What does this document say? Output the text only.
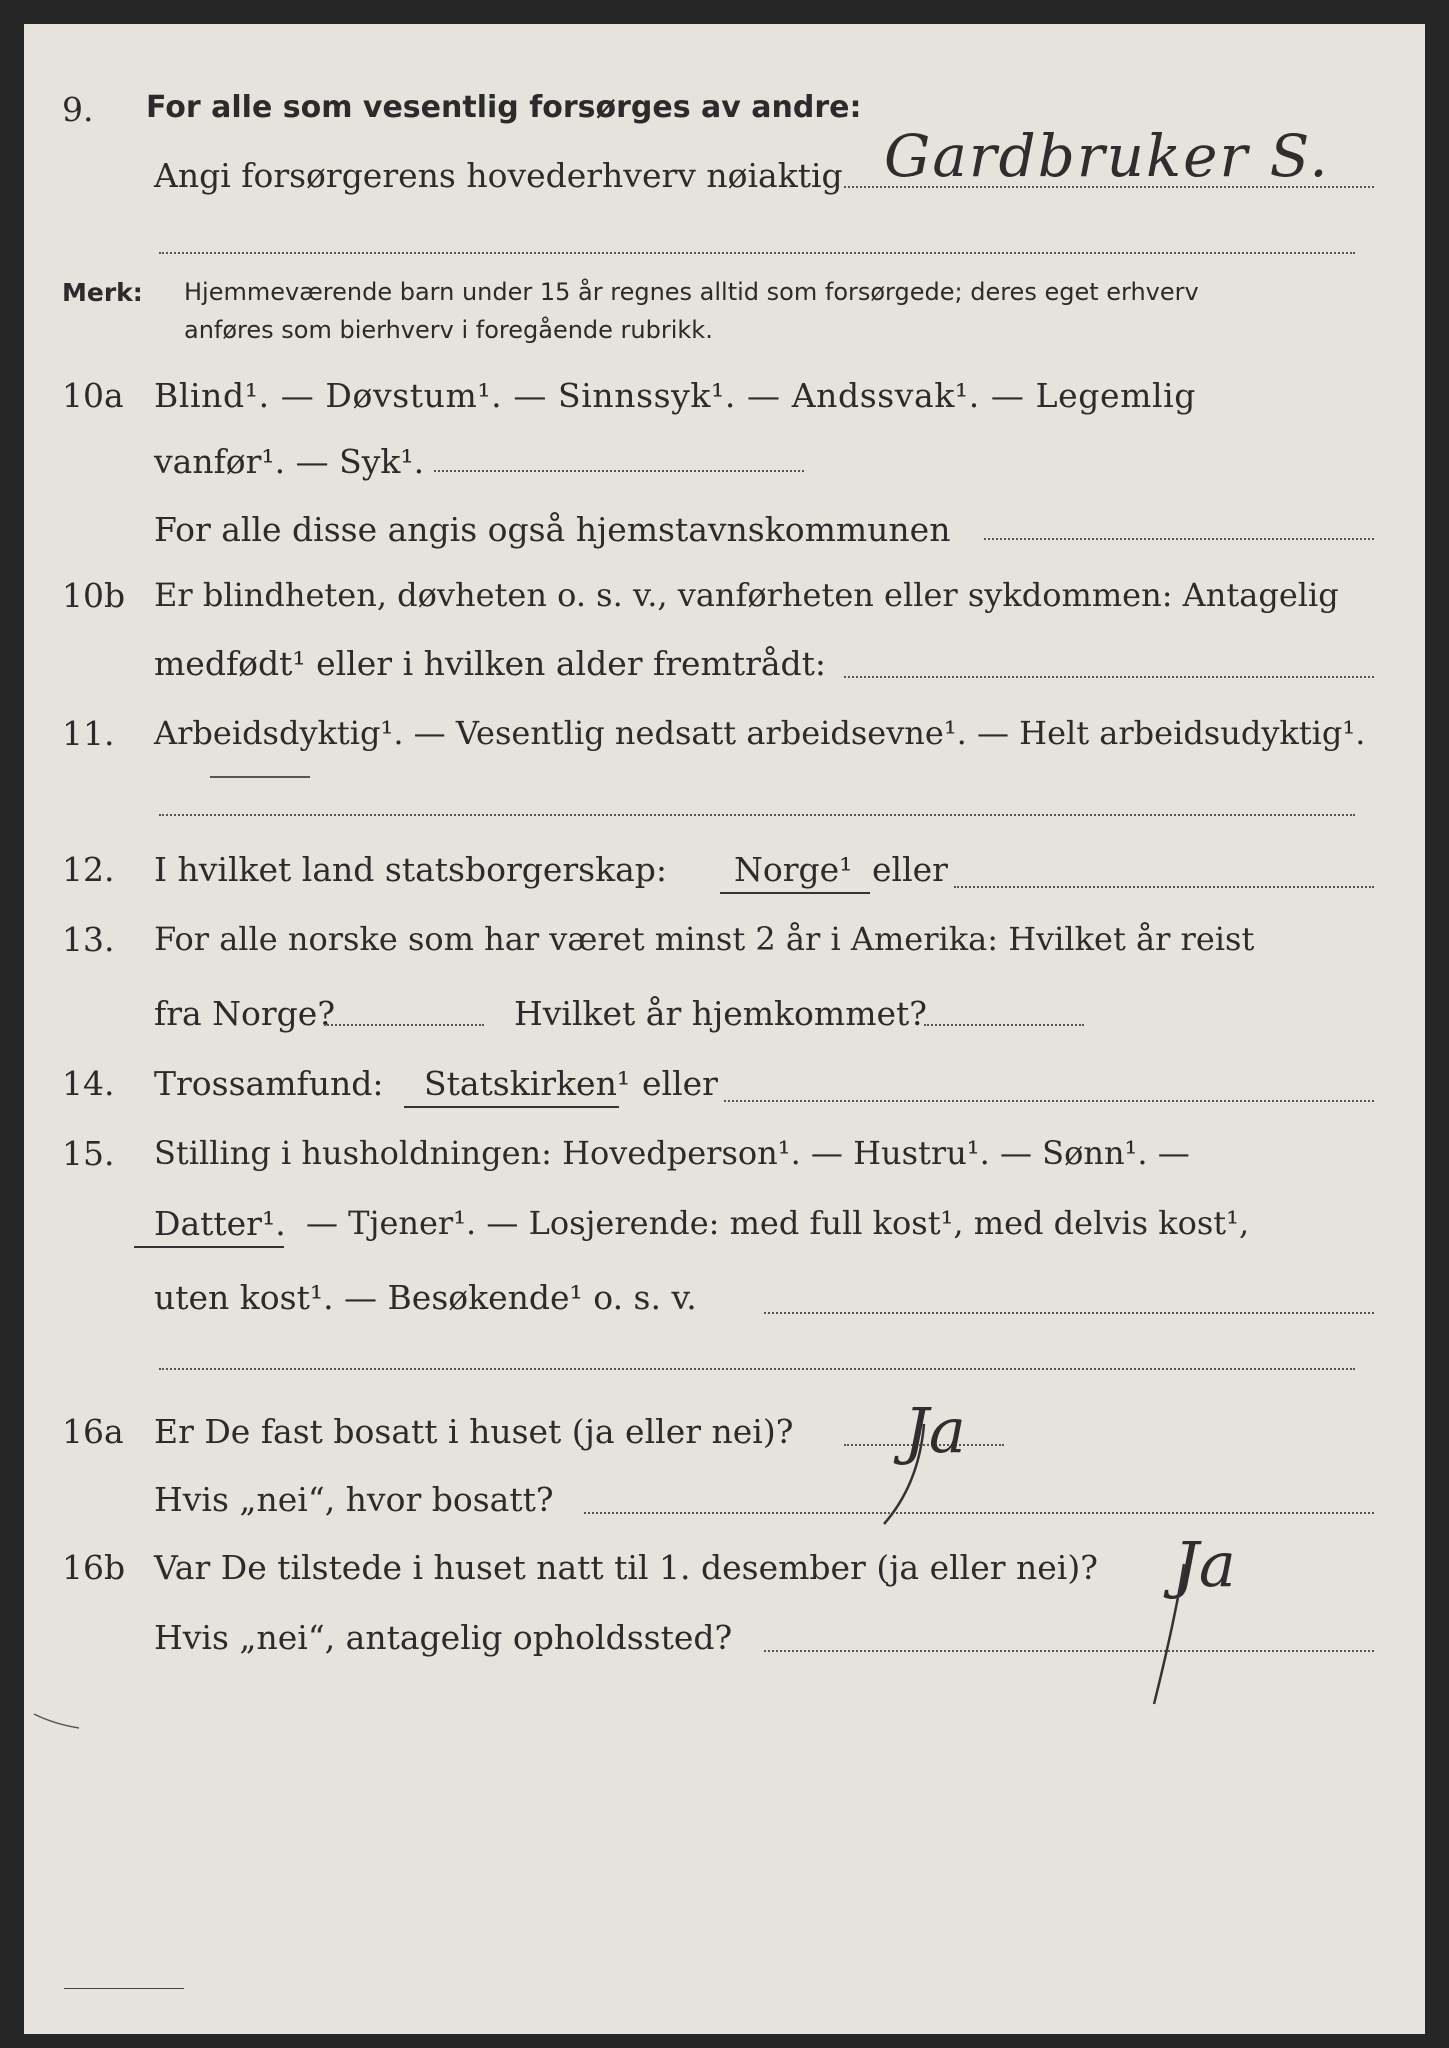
9. For alle som vesentlig forsørges av andre:
Angi forsørgerens hovederhverv nøiaktig Gardbruker S.
Merk: Hjemmeværende barn under 15 år regnes alltid som forsørgede; deres eget erhverv
anføres som bierhverv i foregående rubrikk.
10a Blind¹. — Døvstum¹. — Sinnssyk¹. — Andssvak¹. — Legemlig
vanfør¹. — Syk¹.
For alle disse angis også hjemstavnskommunen
10b Er blindheten, døvheten o. s. v., vanførheten eller sykdommen: Antagelig
medfødt¹ eller i hvilken alder fremtrådt:
11. Arbeidsdyktig¹. — Vesentlig nedsatt arbeidsevne¹. — Helt arbeidsudyktig¹.
12. I hvilket land statsborgerskap: Norge¹ eller
13. For alle norske som har været minst 2 år i Amerika: Hvilket år reist
fra Norge?	Hvilket år hjemkommet?
14. Trossamfund: Statskirken¹ eller
15. Stilling i husholdningen: Hovedperson¹. — Hustru¹. — Sønn¹. —
Datter¹. — Tjener¹. — Losjerende: med full kost¹, med delvis kost¹,
uten kost¹. — Besøkende¹ o. s. v.
16a Er De fast bosatt i huset (ja eller nei)? Ja
Hvis „nei“, hvor bosatt?
16b Var De tilstede i huset natt til 1. desember (ja eller nei)? Ja
Hvis „nei“, antagelig opholdssted?
